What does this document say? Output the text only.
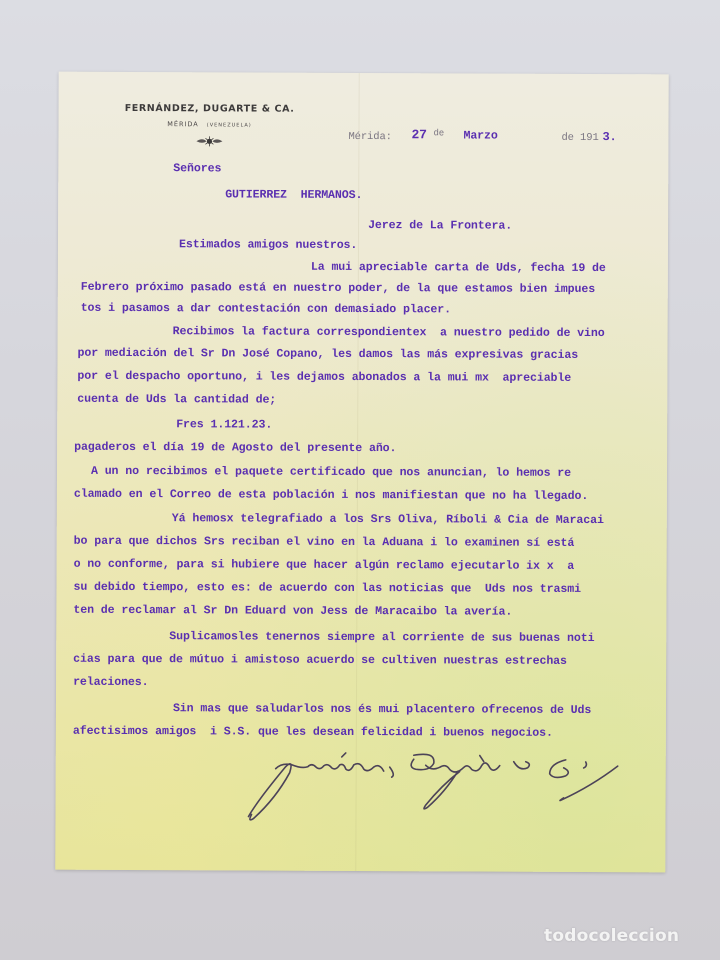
FERNÁNDEZ, DUGARTE & CA.
MÉRIDA (VENEZUELA)
Mérida: 27 de Marzo	de 191 3.
Señores
GUTIERREZ  HERMANOS.
Jerez de La Frontera.
Estimados amigos nuestros.
La mui apreciable carta de Uds, fecha 19 de
Febrero próximo pasado está en nuestro poder, de la que estamos bien impues
tos i pasamos a dar contestación con demasiado placer.
Recibimos la factura correspondientex  a nuestro pedido de vino
por mediación del Sr Dn José Copano, les damos las más expresivas gracias
por el despacho oportuno, i les dejamos abonados a la mui mx  apreciable
cuenta de Uds la cantidad de;
Fres 1.121.23.
pagaderos el día 19 de Agosto del presente año.
A un no recibimos el paquete certificado que nos anuncian, lo hemos re
clamado en el Correo de esta población i nos manifiestan que no ha llegado.
Yá hemosx telegrafiado a los Srs Oliva, Ríboli & Cia de Maracai
bo para que dichos Srs reciban el vino en la Aduana i lo examinen sí está
o no conforme, para si hubiere que hacer algún reclamo ejecutarlo ix x  a
su debido tiempo, esto es: de acuerdo con las noticias que  Uds nos trasmi
ten de reclamar al Sr Dn Eduard von Jess de Maracaibo la avería.
Suplicamosles tenernos siempre al corriente de sus buenas noti
cias para que de mútuo i amistoso acuerdo se cultiven nuestras estrechas
relaciones.
Sin mas que saludarlos nos és mui placentero ofrecenos de Uds
afectisimos amigos  i S.S. que les desean felicidad i buenos negocios.
todocoleccion
